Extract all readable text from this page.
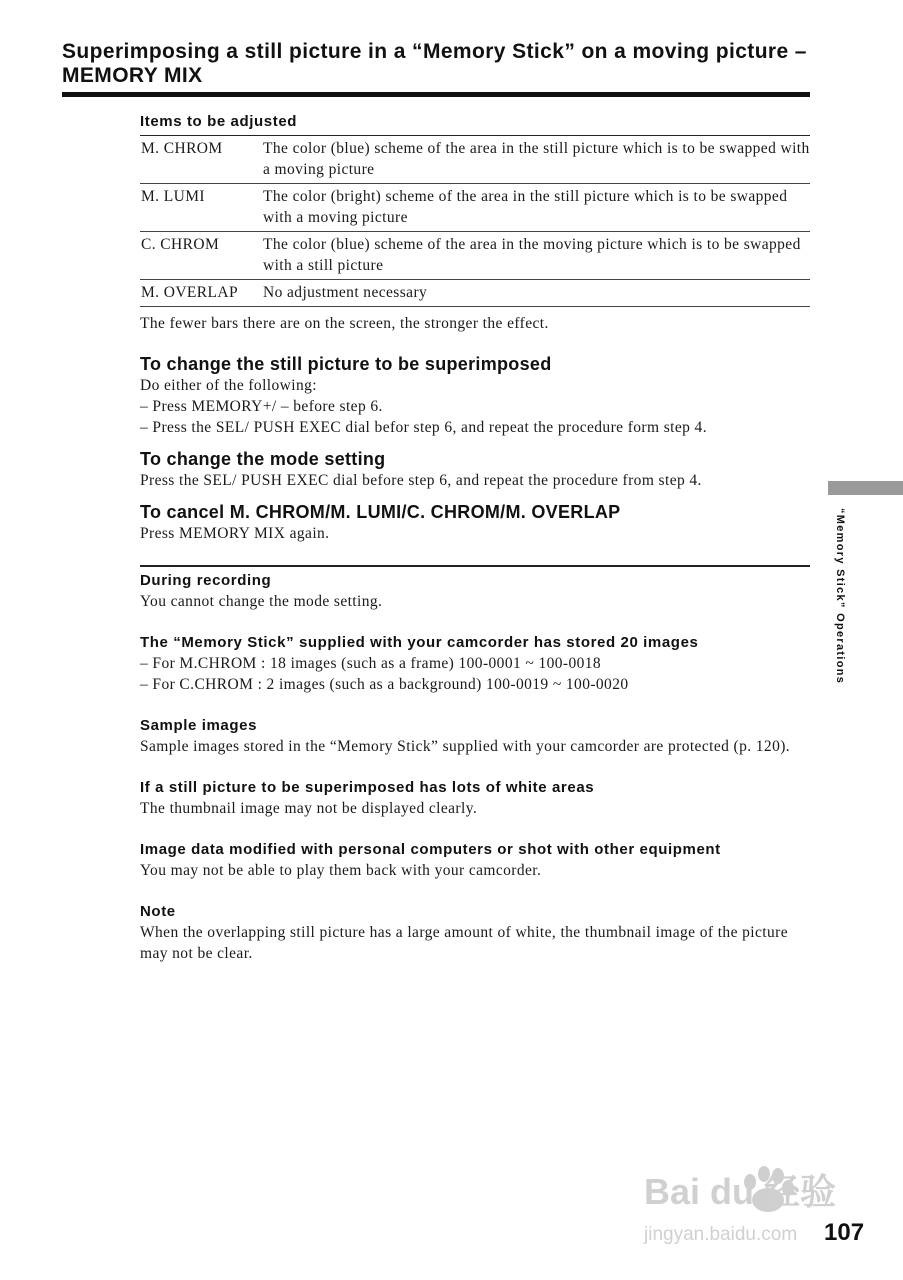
Superimposing a still picture in a “Memory Stick” on a moving picture – MEMORY MIX
Items to be adjusted
M. CHROM	The color (blue) scheme of the area in the still picture which is to be swapped with a moving picture
M. LUMI	The color (bright) scheme of the area in the still picture which is to be swapped with a moving picture
C. CHROM	The color (blue) scheme of the area in the moving picture which is to be swapped with a still picture
M. OVERLAP	No adjustment necessary
The fewer bars there are on the screen, the stronger the effect.
To change the still picture to be superimposed
Do either of the following:
– Press MEMORY+/ – before step 6.
– Press the SEL/ PUSH EXEC dial befor step 6, and repeat the procedure form step 4.
To change the mode setting
Press the SEL/ PUSH EXEC dial before step 6, and repeat the procedure from step 4.
To cancel M. CHROM/M. LUMI/C. CHROM/M. OVERLAP
Press MEMORY MIX again.
During recording
You cannot change the mode setting.
The “Memory Stick” supplied with your camcorder has stored 20 images
– For M.CHROM : 18 images (such as a frame) 100-0001 ~ 100-0018
– For C.CHROM : 2 images (such as a background) 100-0019 ~ 100-0020
Sample images
Sample images stored in the “Memory Stick” supplied with your camcorder are protected (p. 120).
If a still picture to be superimposed has lots of white areas
The thumbnail image may not be displayed clearly.
Image data modified with personal computers or shot with other equipment
You may not be able to play them back with your camcorder.
Note
When the overlapping still picture has a large amount of white, the thumbnail image of the picture may not be clear.
“Memory Stick” Operations
Bai du 经验
jingyan.baidu.com 107
